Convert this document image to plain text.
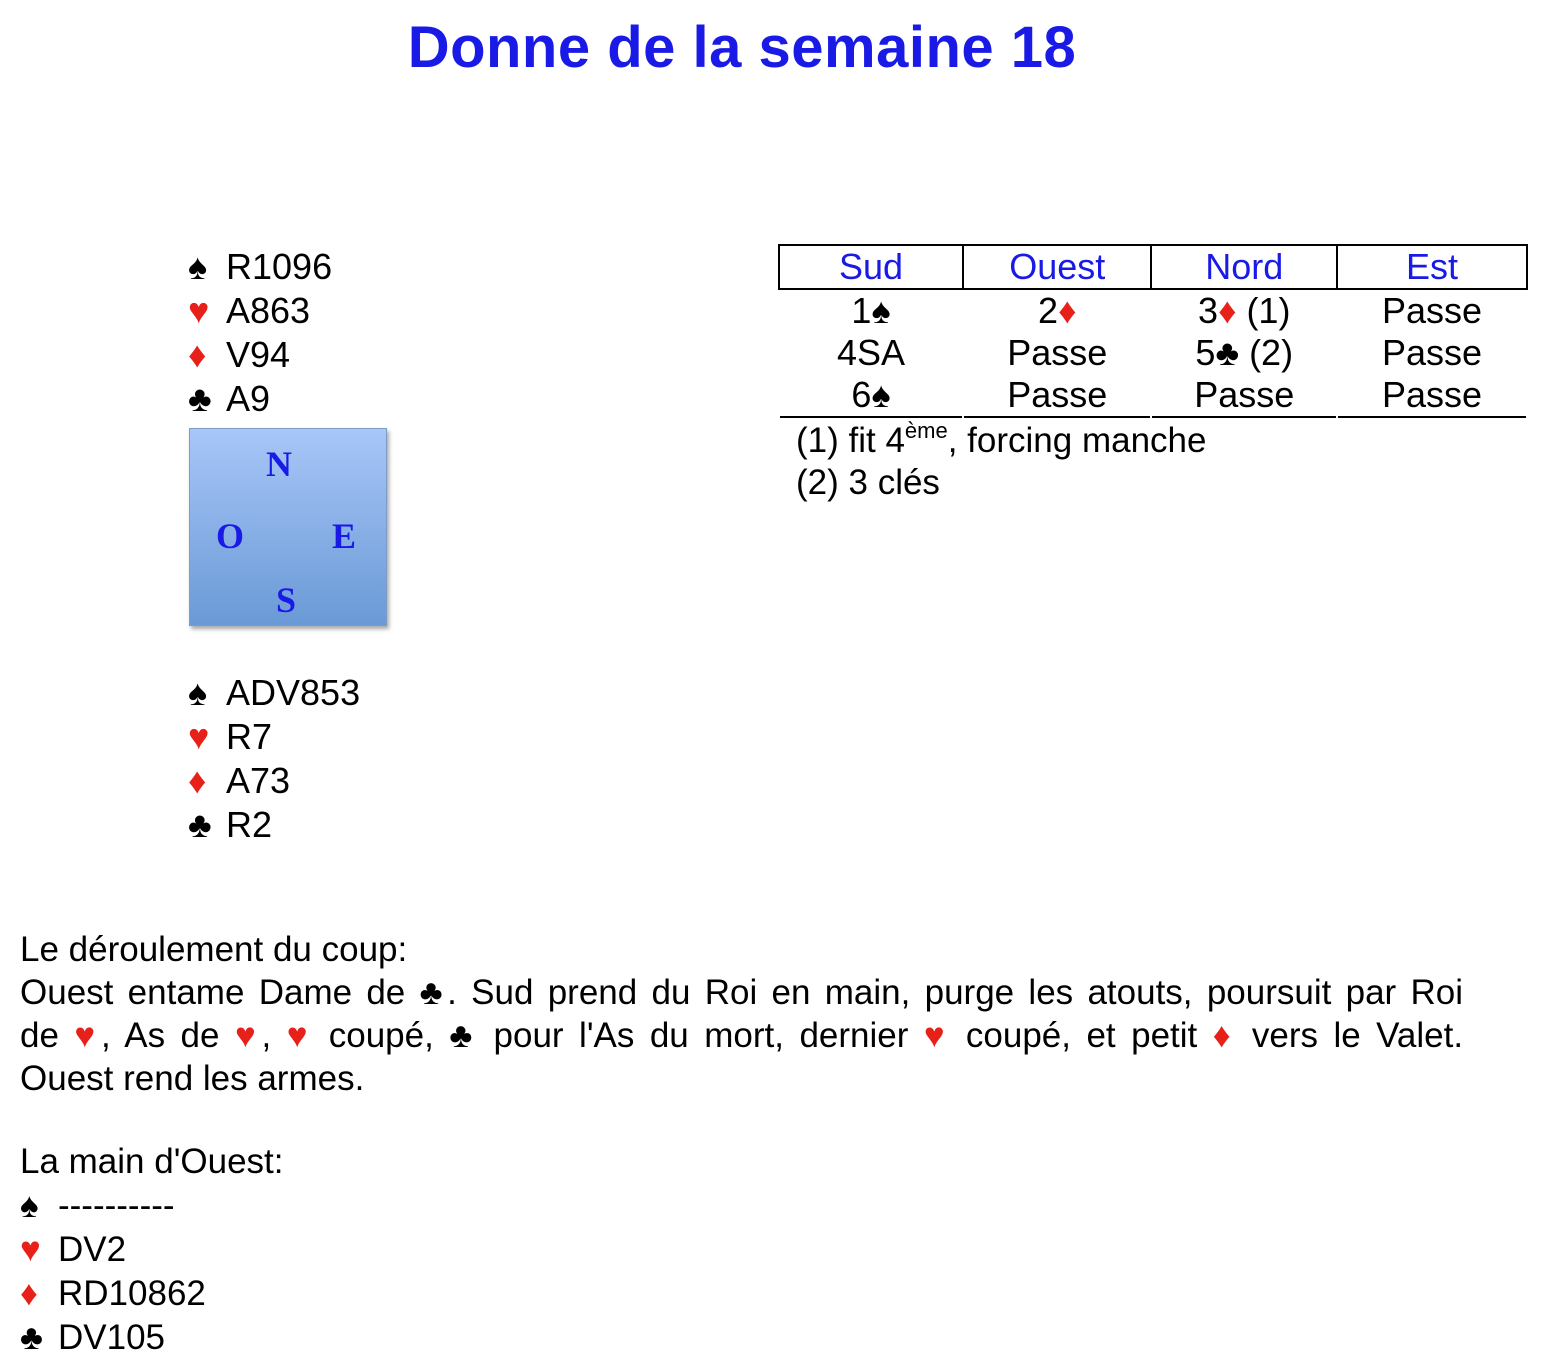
Donne de la semaine 18
♠ R1096
♥ A863
♦ V94
♣ A9
N
O E
S
♠ ADV853
♥ R7
♦ A73
♣ R2
Sud	Ouest	Nord	Est
1♠	2♦	3♦ (1)	Passe
4SA	Passe	5♣ (2)	Passe
6♠	Passe	Passe	Passe
(1) fit 4ème, forcing manche
(2) 3 clés
Le déroulement du coup:
Ouest entame Dame de ♣. Sud prend du Roi en main, purge les atouts, poursuit par Roi
de ♥, As de ♥, ♥ coupé, ♣ pour l'As du mort, dernier ♥ coupé, et petit ♦ vers le Valet.
Ouest rend les armes.
La main d'Ouest:
♠ ----------
♥ DV2
♦ RD10862
♣ DV105
